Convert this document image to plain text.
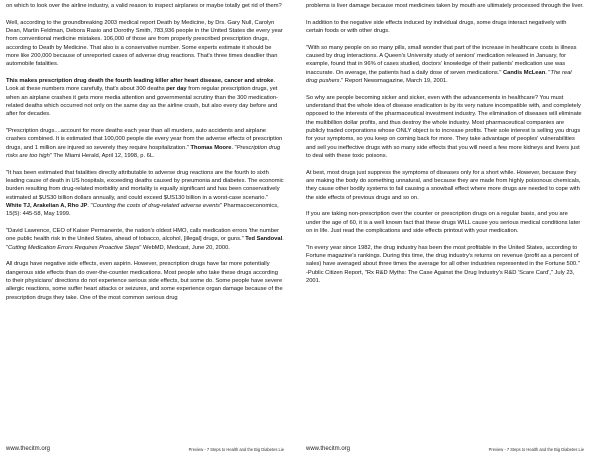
on which to look over the airline industry, a valid reason to inspect airplanes or maybe totally get rid of them?

Well, according to the groundbreaking 2003 medical report Death by Medicine, by Drs. Gary Null, Carolyn Dean, Martin Feldman, Debora Rasio and Dorothy Smith, 783,936 people in the United States die every year from conventional medicine mistakes. 106,000 of those are from properly prescribed prescription drugs, according to Death by Medicine. That also is a conservative number. Some experts estimate it should be more like 200,000 because of unreported cases of adverse drug reactions. That's three times deadlier than automobile fatalities.

This makes prescription drug death the fourth leading killer after heart disease, cancer and stroke. Look at these numbers more carefully, that's about 300 deaths per day from regular prescription drugs, yet when an airplane crashes it gets more media attention and governmental scrutiny than the 300 medication-related deaths which occurred not only on the same day as the airline crash, but also every day before and after for decades.

"Prescription drugs....account for more deaths each year than all murders, auto accidents and airplane crashes combined. It is estimated that 100,000 people die every year from the adverse effects of prescription drugs, and 1 million are injured so severely they require hospitalization." Thomas Moore. "Prescription drug risks are too high" The Miami Herald, April 12, 1998, p. 6L.

"It has been estimated that fatalities directly attributable to adverse drug reactions are the fourth to sixth leading cause of death in US hospitals, exceeding deaths caused by pneumonia and diabetes. The economic burden resulting from drug-related morbidity and mortality is equally significant and has been conservatively estimated at $US30 billion dollars annually, and could exceed $US130 billion in a worst-case scenario." White TJ, Arakelian A, Rho JP. "Counting the costs of drug-related adverse events" Pharmacoeconomics, 15(5): 445-58, May 1999.

"David Lawrence, CEO of Kaiser Permanente, the nation's oldest HMO, calls medication errors 'the number one public health risk in the United States, ahead of tobacco, alcohol, [illegal] drugs, or guns." Ted Sandoval. "Cutting Medication Errors Requires Proactive Steps" WebMD, Medcast, June 20, 2000.

All drugs have negative side effects, even aspirin. However, prescription drugs have far more potentially dangerous side effects than do over-the-counter medications. Most people who take these drugs according to their physicians' directions do not experience serious side effects, but some do. Some people have severe allergic reactions, some suffer heart attacks or seizures, and some experience organ damage because of the prescription drugs they take. One of the most common serious drug

www.thecitm.org	Preview - 7 Steps to Health and the Big Diabetes Lie

problems is liver damage because most medicines taken by mouth are ultimately processed through the liver.

In addition to the negative side effects induced by individual drugs, some drugs interact negatively with certain foods or with other drugs.

"With so many people on so many pills, small wonder that part of the increase in healthcare costs is illness caused by drug interactions. A Queen's University study of seniors' medication released in January, for example, found that in 96% of cases studied, doctors' knowledge of their patients' medication use was inaccurate. On average, the patients had a daily dose of seven medications." Candis McLean. "The real drug pushers." Report Newsmagazine, March 19, 2001.

So why are people becoming sicker and sicker, even with the advancements in healthcare? You must understand that the whole idea of disease eradication is by its very nature incompatible with, and completely opposed to the interests of the pharmaceutical investment industry. The elimination of diseases will eliminate the multibillion dollar profits, and thus destroy the whole industry. Most pharmaceutical companies are publicly traded corporations whose ONLY object is to increase profits. Their sole interest is selling you drugs for your symptoms, so you keep on coming back for more. They take advantage of peoples' vulnerabilities and sell you ineffective drugs with so many side effects that you will need a few more kidneys and livers just to deal with these toxic poisons.

At best, most drugs just suppress the symptoms of diseases only for a short while. However, because they are making the body do something unnatural, and because they are made from highly poisonous chemicals, they cause other bodily systems to fail causing a snowball effect where more drugs are needed to cope with the side effects of previous drugs and so on.

If you are taking non-prescription over the counter or prescription drugs on a regular basis, and you are under the age of 60, it is a well known fact that these drugs WILL cause you serious medical conditions later on in life. Just read the complications and side effects printout with your medication.

"In every year since 1982, the drug industry has been the most profitable in the United States, according to Fortune magazine's rankings. During this time, the drug industry's returns on revenue (profit as a percent of sales) have averaged about three times the average for all other industries represented in the Fortune 500."
-Public Citizen Report, "Rx R&D Myths: The Case Against the Drug Industry's R&D 'Scare Card'," July 23, 2001.

www.thecitm.org	Preview - 7 Steps to Health and the Big Diabetes Lie
